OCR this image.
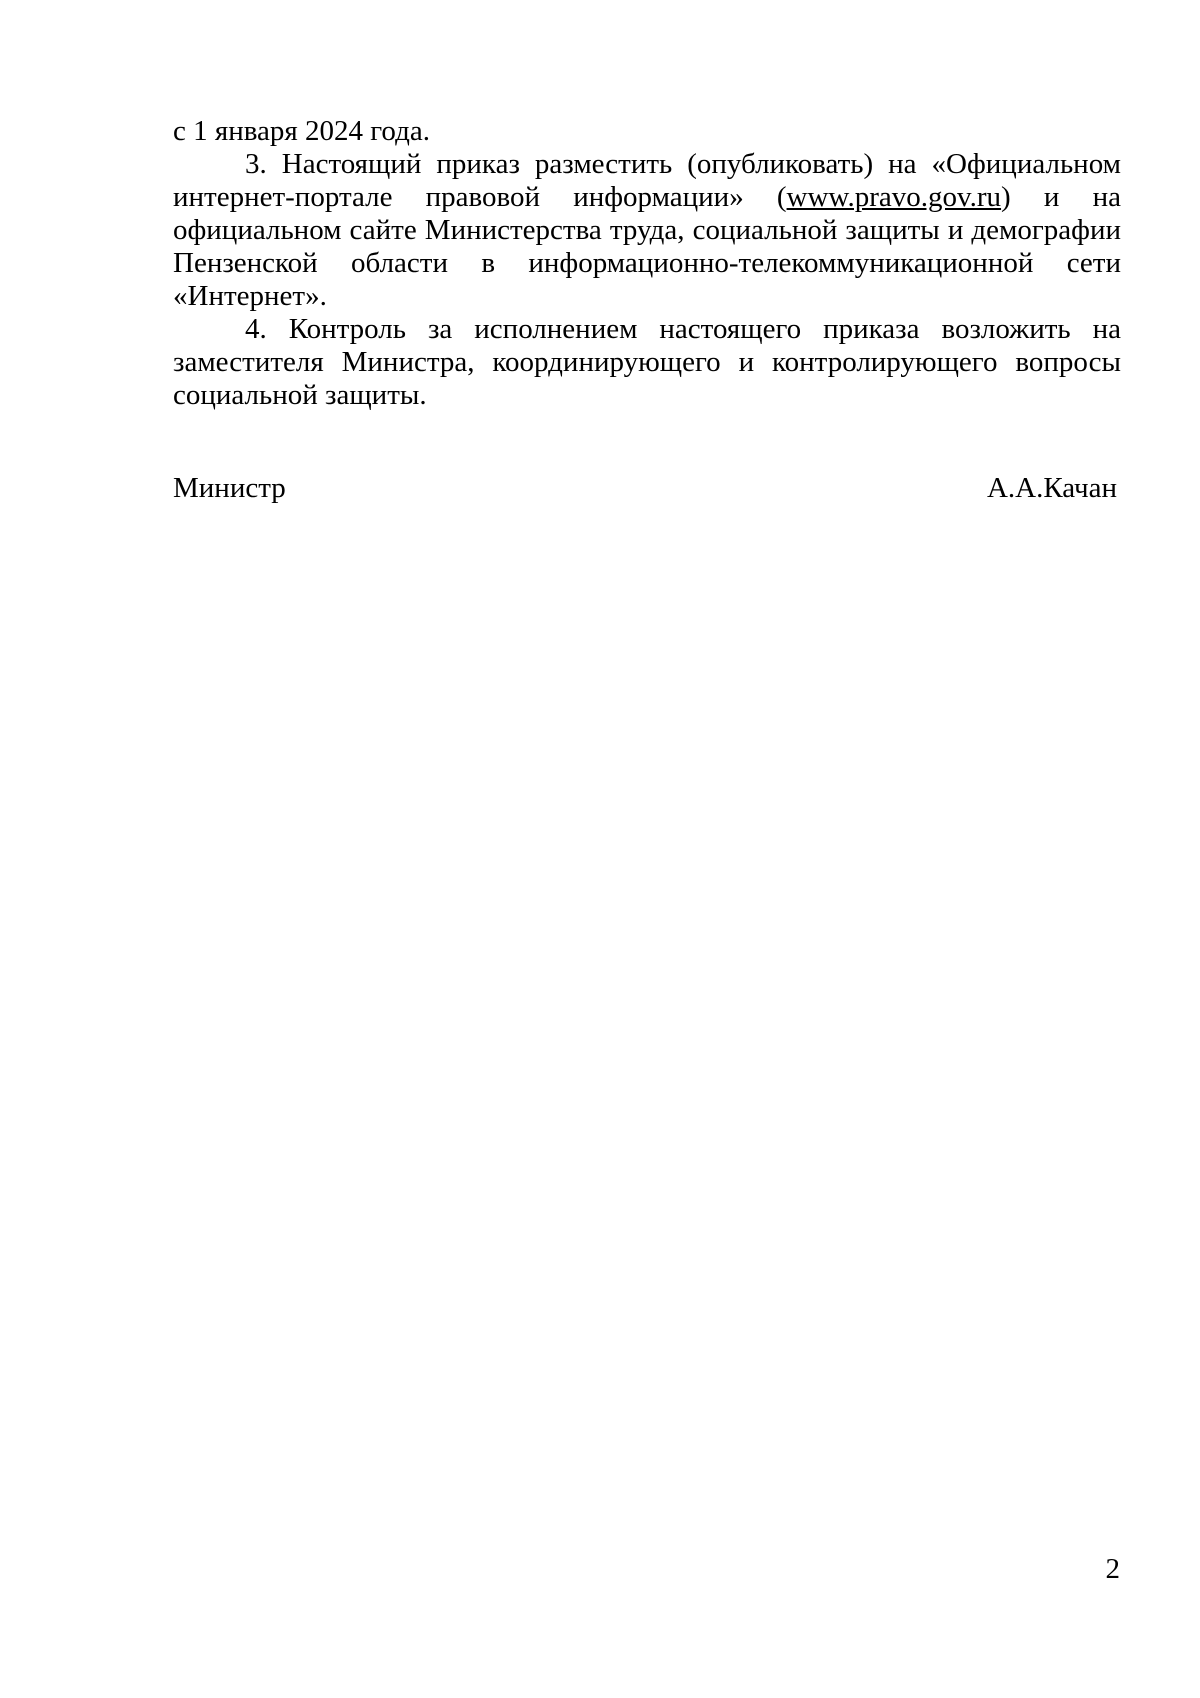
с 1 января 2024 года.

3. Настоящий приказ разместить (опубликовать) на «Официальном интернет-портале правовой информации» (www.pravo.gov.ru) и на официальном сайте Министерства труда, социальной защиты и демографии Пензенской области в информационно-телекоммуникационной сети «Интернет».

4. Контроль за исполнением настоящего приказа возложить на заместителя Министра, координирующего и контролирующего вопросы социальной защиты.

Министр	А.А.Качан
2
